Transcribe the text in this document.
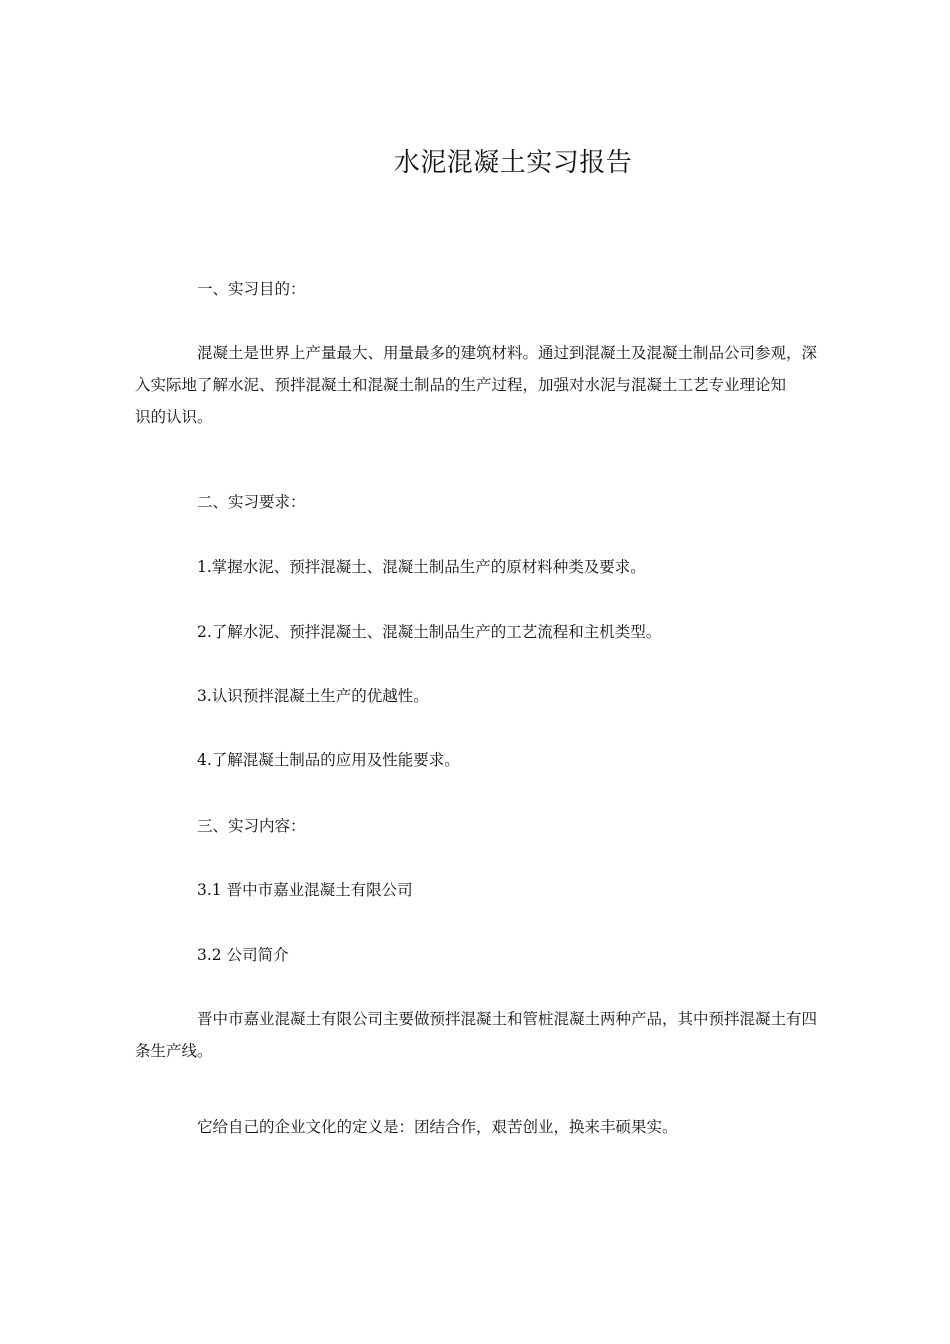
水泥混凝土实习报告

一、实习目的：

混凝土是世界上产量最大、用量最多的建筑材料。通过到混凝土及混凝土制品公司参观，深
入实际地了解水泥、预拌混凝土和混凝土制品的生产过程，加强对水泥与混凝土工艺专业理论知
识的认识。

二、实习要求：

1.掌握水泥、预拌混凝土、混凝土制品生产的原材料种类及要求。

2.了解水泥、预拌混凝土、混凝土制品生产的工艺流程和主机类型。

3.认识预拌混凝土生产的优越性。

4.了解混凝土制品的应用及性能要求。

三、实习内容：

3.1 晋中市嘉业混凝土有限公司

3.2 公司简介

晋中市嘉业混凝土有限公司主要做预拌混凝土和管桩混凝土两种产品，其中预拌混凝土有四
条生产线。

它给自己的企业文化的定义是：团结合作，艰苦创业，换来丰硕果实。
